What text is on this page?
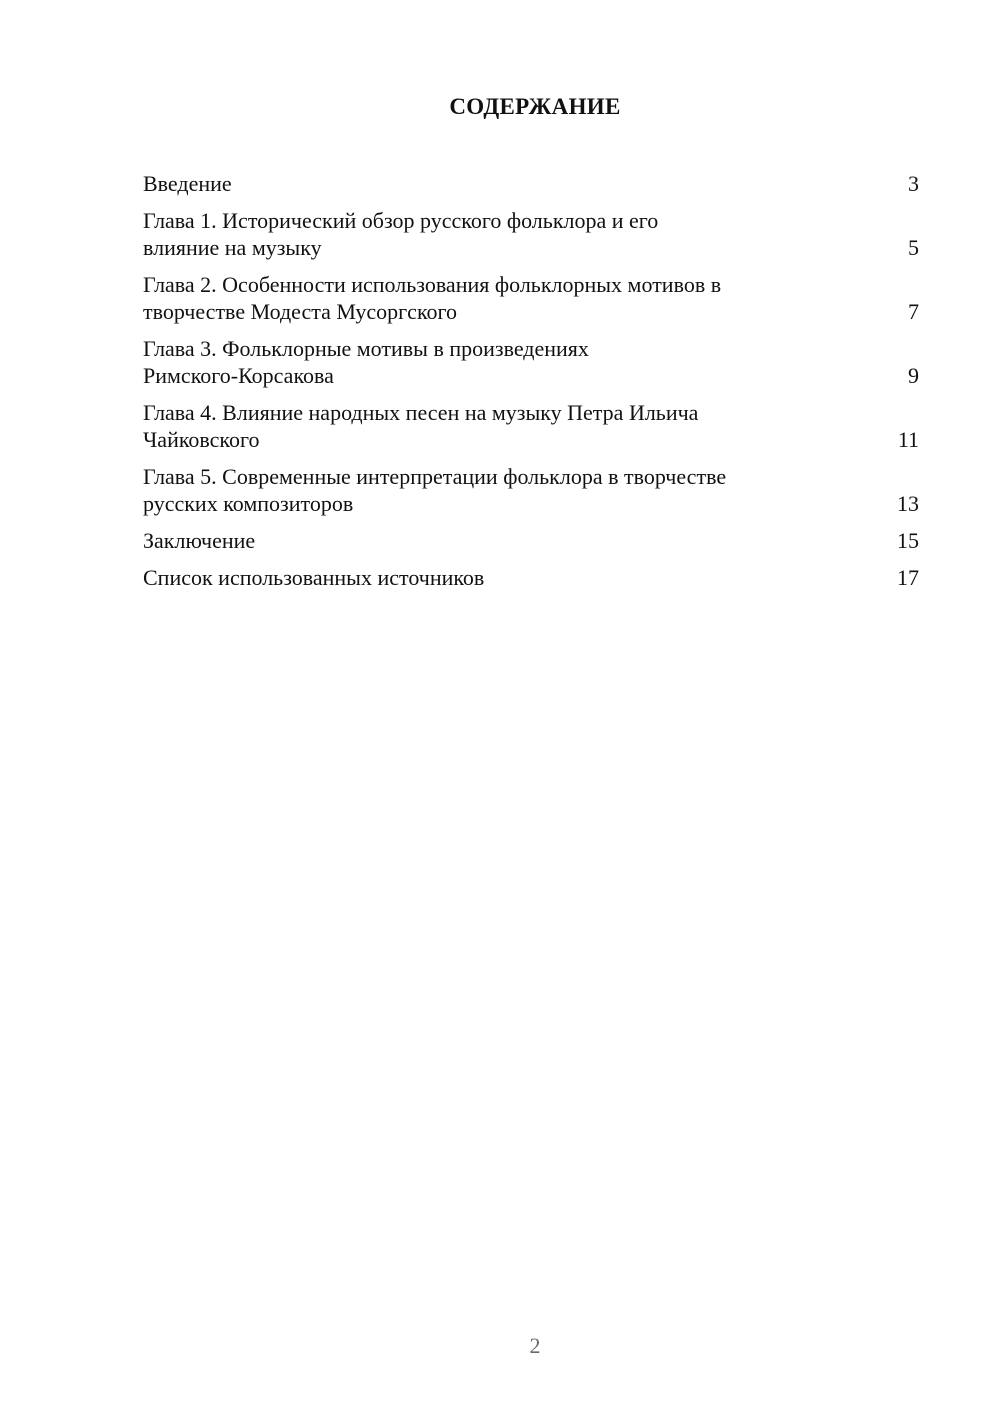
СОДЕРЖАНИЕ
Введение	3
Глава 1. Исторический обзор русского фольклора и его
влияние на музыку	5
Глава 2. Особенности использования фольклорных мотивов в
творчестве Модеста Мусоргского	7
Глава 3. Фольклорные мотивы в произведениях
Римского-Корсакова	9
Глава 4. Влияние народных песен на музыку Петра Ильича
Чайковского	11
Глава 5. Современные интерпретации фольклора в творчестве
русских композиторов	13
Заключение	15
Список использованных источников	17
2
